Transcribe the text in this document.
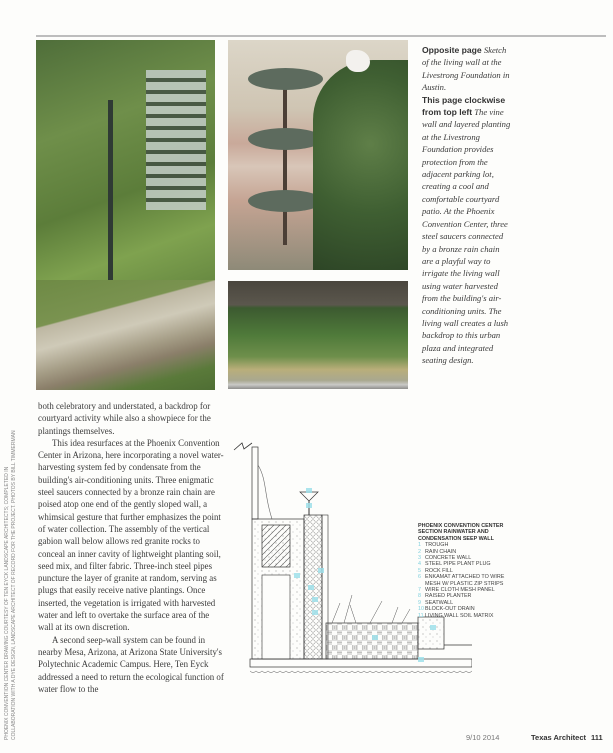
Opposite page Sketch of the living wall at the Livestrong Foundation in Austin.

This page clockwise from top left The vine wall and layered planting at the Livestrong Foundation provides protection from the adjacent parking lot, creating a cool and comfortable courtyard patio. At the Phoenix Convention Center, three steel saucers connected by a bronze rain chain are a playful way to irrigate the living wall using water harvested from the building's air-conditioning units. The living wall creates a lush backdrop to this urban plaza and integrated seating design.

both celebratory and understated, a backdrop for courtyard activity while also a showpiece for the plantings themselves.

This idea resurfaces at the Phoenix Convention Center in Arizona, here incorporating a novel water-harvesting system fed by condensate from the building's air-conditioning units. Three enigmatic steel saucers connected by a bronze rain chain are poised atop one end of the gently sloped wall, a whimsical gesture that further emphasizes the point of water collection. The assembly of the vertical gabion wall below allows red granite rocks to conceal an inner cavity of lightweight planting soil, seed mix, and filter fabric. Three-inch steel pipes puncture the layer of granite at random, serving as plugs that easily receive native plantings. Once inserted, the vegetation is irrigated with harvested water and left to overtake the surface area of the wall at its own discretion.

A second seep-wall system can be found in nearby Mesa, Arizona, at Arizona State University's Polytechnic Academic Campus. Here, Ten Eyck addressed a need to return the ecological function of water flow to the

PHOENIX CONVENTION CENTER DRAWING COURTESY OF TEN EYCK LANDSCAPE ARCHITECTS; COMPLETED IN COLLABORATION WITH A DYE DESIGN, LANDSCAPE ARCHITECT OF RECORD FOR THE PROJECT. PHOTOS BY BILL TIMMERMAN	PHOENIX CONVENTION CENTER
SECTION RAINWATER AND
CONDENSATION SEEP WALL
1 TROUGH
2 RAIN CHAIN
3 CONCRETE WALL
4 STEEL PIPE PLANT PLUG
5 ROCK FILL
6 ENKAMAT ATTACHED TO WIRE
MESH W/ PLASTIC ZIP STRIPS
7 WIRE CLOTH MESH PANEL
8 RAISED PLANTER
9 SEATWALL
10BLOCK-OUT DRAIN
11LIVING WALL SOIL MATRIX
9/10 2014	Texas Architect 111
